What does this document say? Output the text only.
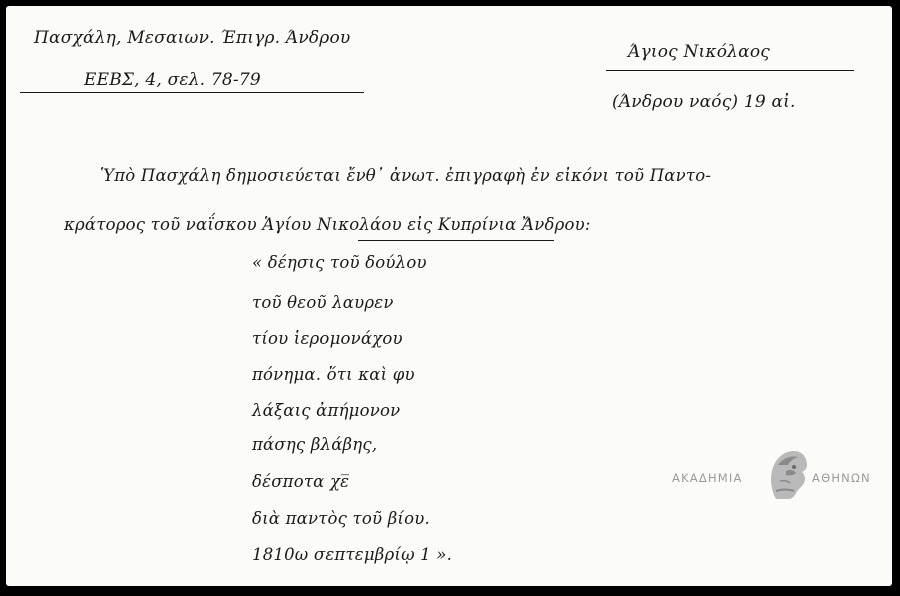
Πασχάλη, Μεσαιων. Έπιγρ. Άνδρου
ΕΕΒΣ, 4, σελ. 78-79
Άγιος Νικόλαος
(Άνδρου ναός) 19 αἰ.
Ὑπὸ Πασχάλη δημοσιεύεται ἔνθ᾿ ἀνωτ. ἐπιγραφὴ ἐν εἰκόνι τοῦ Παντο-
κράτορος τοῦ ναΐσκου Ἁγίου Νικολάου εἰς Κυπρίνια Ἄνδρου:
« δέησις τοῦ δούλου
τοῦ θεοῦ λαυρεν
τίου ἱερομονάχου
πόνημα. ὅτι καὶ φυ
λάξαις ἀπήμονον
πάσης βλάβης,
δέσποτα χε̅
διὰ παντὸς τοῦ βίου.
1810ω σεπτεμβρίῳ 1 ».
ΑΚΑΔΗΜΙΑ	ΑΘΗΝΩΝ
